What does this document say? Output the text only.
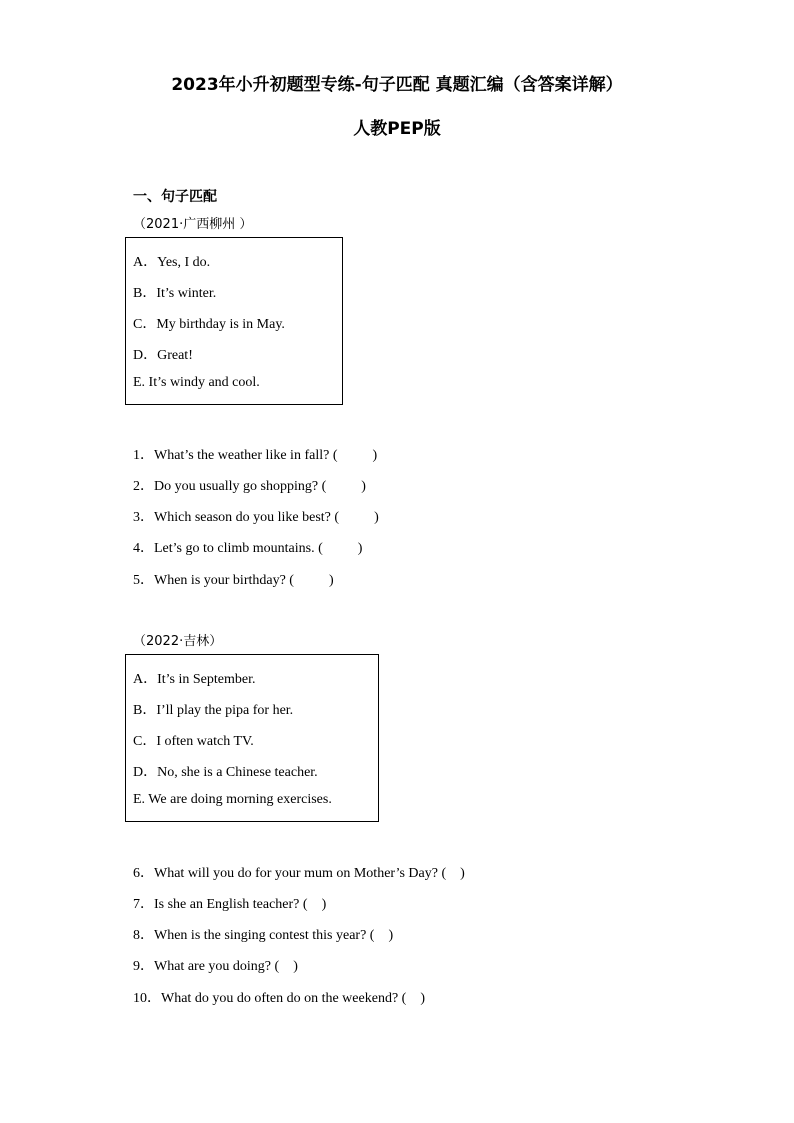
2023年小升初题型专练-句子匹配 真题汇编（含答案详解）
人教PEP版
一、句子匹配
（2021·广西柳州 ）
A．Yes, I do.
B．It’s winter.
C．My birthday is in May.
D．Great!
E. It’s windy and cool.
1．What’s the weather like in fall? (	)
2．Do you usually go shopping? (	)
3．Which season do you like best? (	)
4．Let’s go to climb mountains. (	)
5．When is your birthday? (	)
（2022·吉林）
A．It’s in September.
B．I’ll play the pipa for her.
C．I often watch TV.
D．No, she is a Chinese teacher.
E. We are doing morning exercises.
6．What will you do for your mum on Mother’s Day? ( )
7．Is she an English teacher? ( )
8．When is the singing contest this year? ( )
9．What are you doing? ( )
10．What do you do often do on the weekend? ( )
